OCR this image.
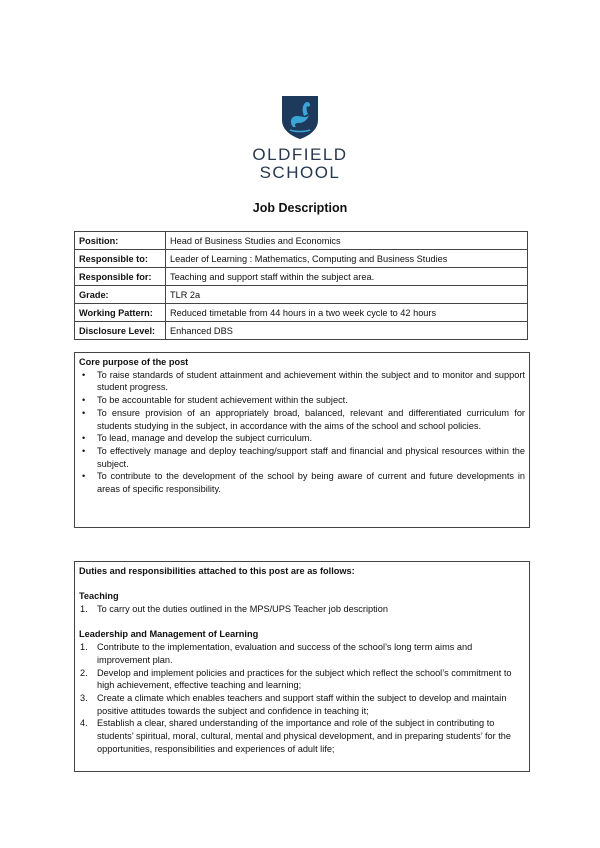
OLDFIELD
SCHOOL
Job Description
Position:	Head of Business Studies and Economics
Responsible to:	Leader of Learning : Mathematics, Computing and Business Studies
Responsible for:	Teaching and support staff within the subject area.
Grade:	TLR 2a
Working Pattern:	Reduced timetable from 44 hours in a two week cycle to 42 hours
Disclosure Level:	Enhanced DBS
Core purpose of the post
• To raise standards of student attainment and achievement within the subject and to monitor and support student progress.
• To be accountable for student achievement within the subject.
• To ensure provision of an appropriately broad, balanced, relevant and differentiated curriculum for students studying in the subject, in accordance with the aims of the school and school policies.
• To lead, manage and develop the subject curriculum.
• To effectively manage and deploy teaching/support staff and financial and physical resources within the subject.
• To contribute to the development of the school by being aware of current and future developments in areas of specific responsibility.
Duties and responsibilities attached to this post are as follows:
Teaching
1. To carry out the duties outlined in the MPS/UPS Teacher job description
Leadership and Management of Learning
1. Contribute to the implementation, evaluation and success of the school’s long term aims and improvement plan.
2. Develop and implement policies and practices for the subject which reflect the school’s commitment to high achievement, effective teaching and learning;
3. Create a climate which enables teachers and support staff within the subject to develop and maintain positive attitudes towards the subject and confidence in teaching it;
4. Establish a clear, shared understanding of the importance and role of the subject in contributing to students’ spiritual, moral, cultural, mental and physical development, and in preparing students’ for the opportunities, responsibilities and experiences of adult life;
